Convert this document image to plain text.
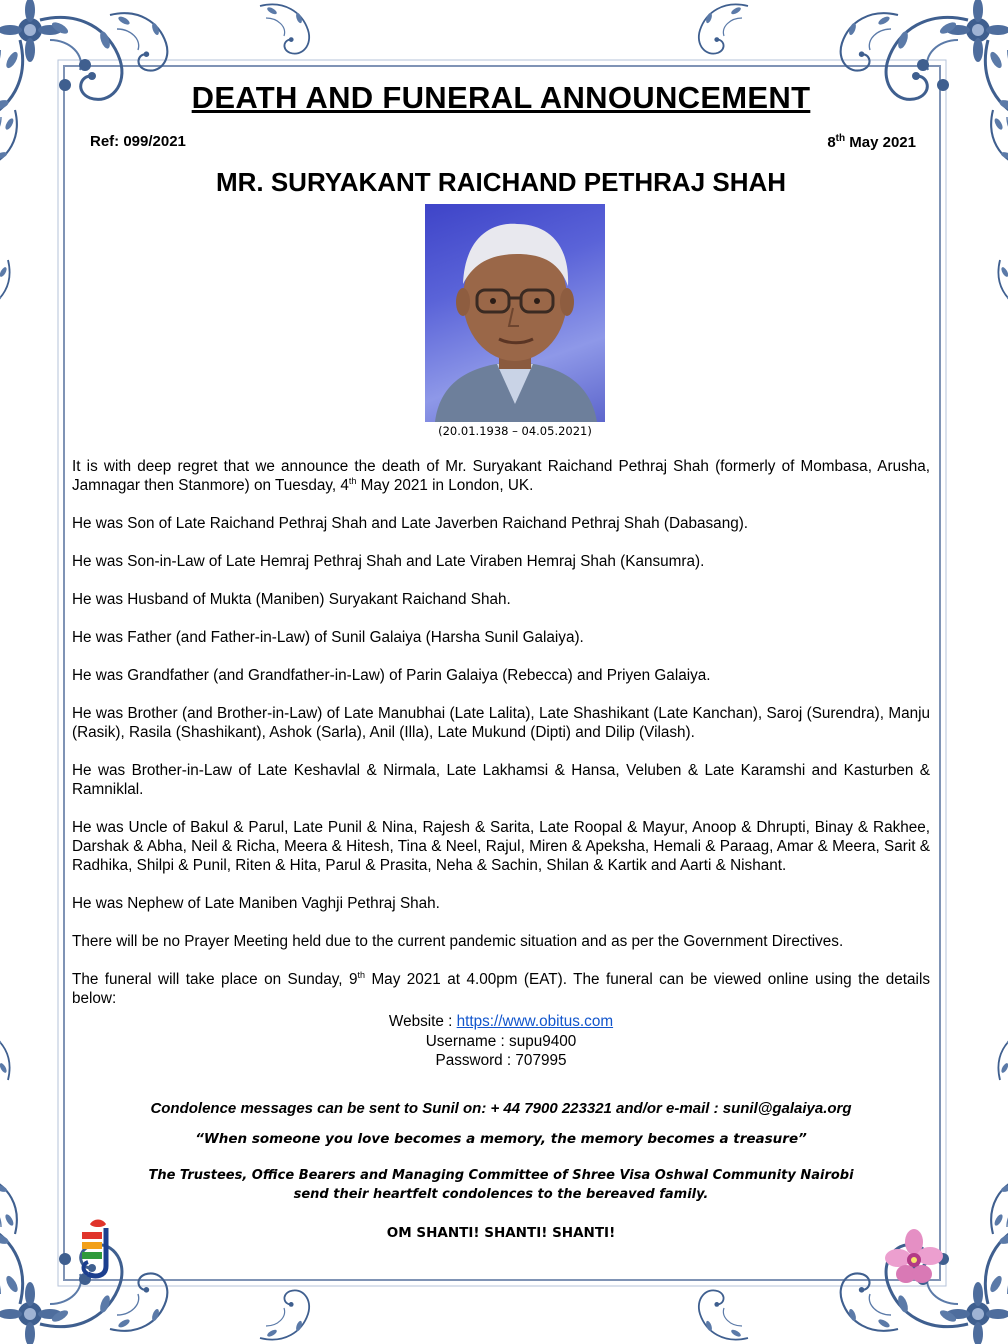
DEATH AND FUNERAL ANNOUNCEMENT
Ref: 099/2021	8th May 2021
MR. SURYAKANT RAICHAND PETHRAJ SHAH
(20.01.1938 – 04.05.2021)

It is with deep regret that we announce the death of Mr. Suryakant Raichand Pethraj Shah (formerly of Mombasa, Arusha, Jamnagar then Stanmore) on Tuesday, 4th May 2021 in London, UK.

He was Son of Late Raichand Pethraj Shah and Late Javerben Raichand Pethraj Shah (Dabasang).

He was Son-in-Law of Late Hemraj Pethraj Shah and Late Viraben Hemraj Shah (Kansumra).

He was Husband of Mukta (Maniben) Suryakant Raichand Shah.

He was Father (and Father-in-Law) of Sunil Galaiya (Harsha Sunil Galaiya).

He was Grandfather (and Grandfather-in-Law) of Parin Galaiya (Rebecca) and Priyen Galaiya.

He was Brother (and Brother-in-Law) of Late Manubhai (Late Lalita), Late Shashikant (Late Kanchan), Saroj (Surendra), Manju (Rasik), Rasila (Shashikant), Ashok (Sarla), Anil (Illa), Late Mukund (Dipti) and Dilip (Vilash).

He was Brother-in-Law of Late Keshavlal & Nirmala, Late Lakhamsi & Hansa, Veluben & Late Karamshi and Kasturben & Ramniklal.

He was Uncle of Bakul & Parul, Late Punil & Nina, Rajesh & Sarita, Late Roopal & Mayur, Anoop & Dhrupti, Binay & Rakhee, Darshak & Abha, Neil & Richa, Meera & Hitesh, Tina & Neel, Rajul, Miren & Apeksha, Hemali & Paraag, Amar & Meera, Sarit & Radhika, Shilpi & Punil, Riten & Hita, Parul & Prasita, Neha & Sachin, Shilan & Kartik and Aarti & Nishant.

He was Nephew of Late Maniben Vaghji Pethraj Shah.

There will be no Prayer Meeting held due to the current pandemic situation and as per the Government Directives.

The funeral will take place on Sunday, 9th May 2021 at 4.00pm (EAT). The funeral can be viewed online using the details below:

Website : https://www.obitus.com
Username : supu9400
Password : 707995
Condolence messages can be sent to Sunil on: + 44 7900 223321 and/or e-mail : sunil@galaiya.org
“When someone you love becomes a memory, the memory becomes a treasure”
The Trustees, Office Bearers and Managing Committee of Shree Visa Oshwal Community Nairobi
send their heartfelt condolences to the bereaved family.
OM SHANTI! SHANTI! SHANTI!
